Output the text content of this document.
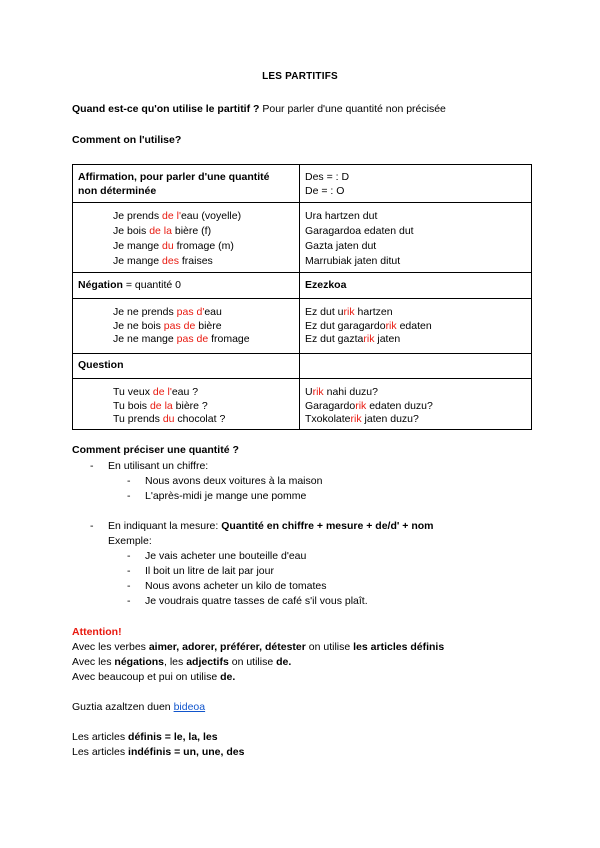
LES PARTITIFS
Quand est-ce qu'on utilise le partitif ? Pour parler d'une quantité non précisée
Comment on l'utilise?
Affirmation, pour parler d'une quantité
non déterminée
Des = : D
De = : O
Je prends de l'eau (voyelle)
Je bois de la bière (f)
Je mange du fromage (m)
Je mange des fraises
Ura hartzen dut
Garagardoa edaten dut
Gazta jaten dut
Marrubiak jaten ditut
Négation = quantité 0	Ezezkoa
Je ne prends pas d'eau
Je ne bois pas de bière
Je ne mange pas de fromage
Ez dut urik hartzen
Ez dut garagardorik edaten
Ez dut gaztarik jaten
Question
Tu veux de l'eau ?
Tu bois de la bière ?
Tu prends du chocolat ?
Urik nahi duzu?
Garagardorik edaten duzu?
Txokolaterik jaten duzu?
Comment préciser une quantité ?
- En utilisant un chiffre:
- Nous avons deux voitures à la maison
- L'après-midi je mange une pomme
- En indiquant la mesure: Quantité en chiffre + mesure + de/d' + nom
Exemple:
- Je vais acheter une bouteille d'eau
- Il boit un litre de lait par jour
- Nous avons acheter un kilo de tomates
- Je voudrais quatre tasses de café s'il vous plaît.
Attention!
Avec les verbes aimer, adorer, préférer, détester on utilise les articles définis
Avec les négations, les adjectifs on utilise de.
Avec beaucoup et pui on utilise de.
Guztia azaltzen duen bideoa
Les articles définis = le, la, les
Les articles indéfinis = un, une, des
